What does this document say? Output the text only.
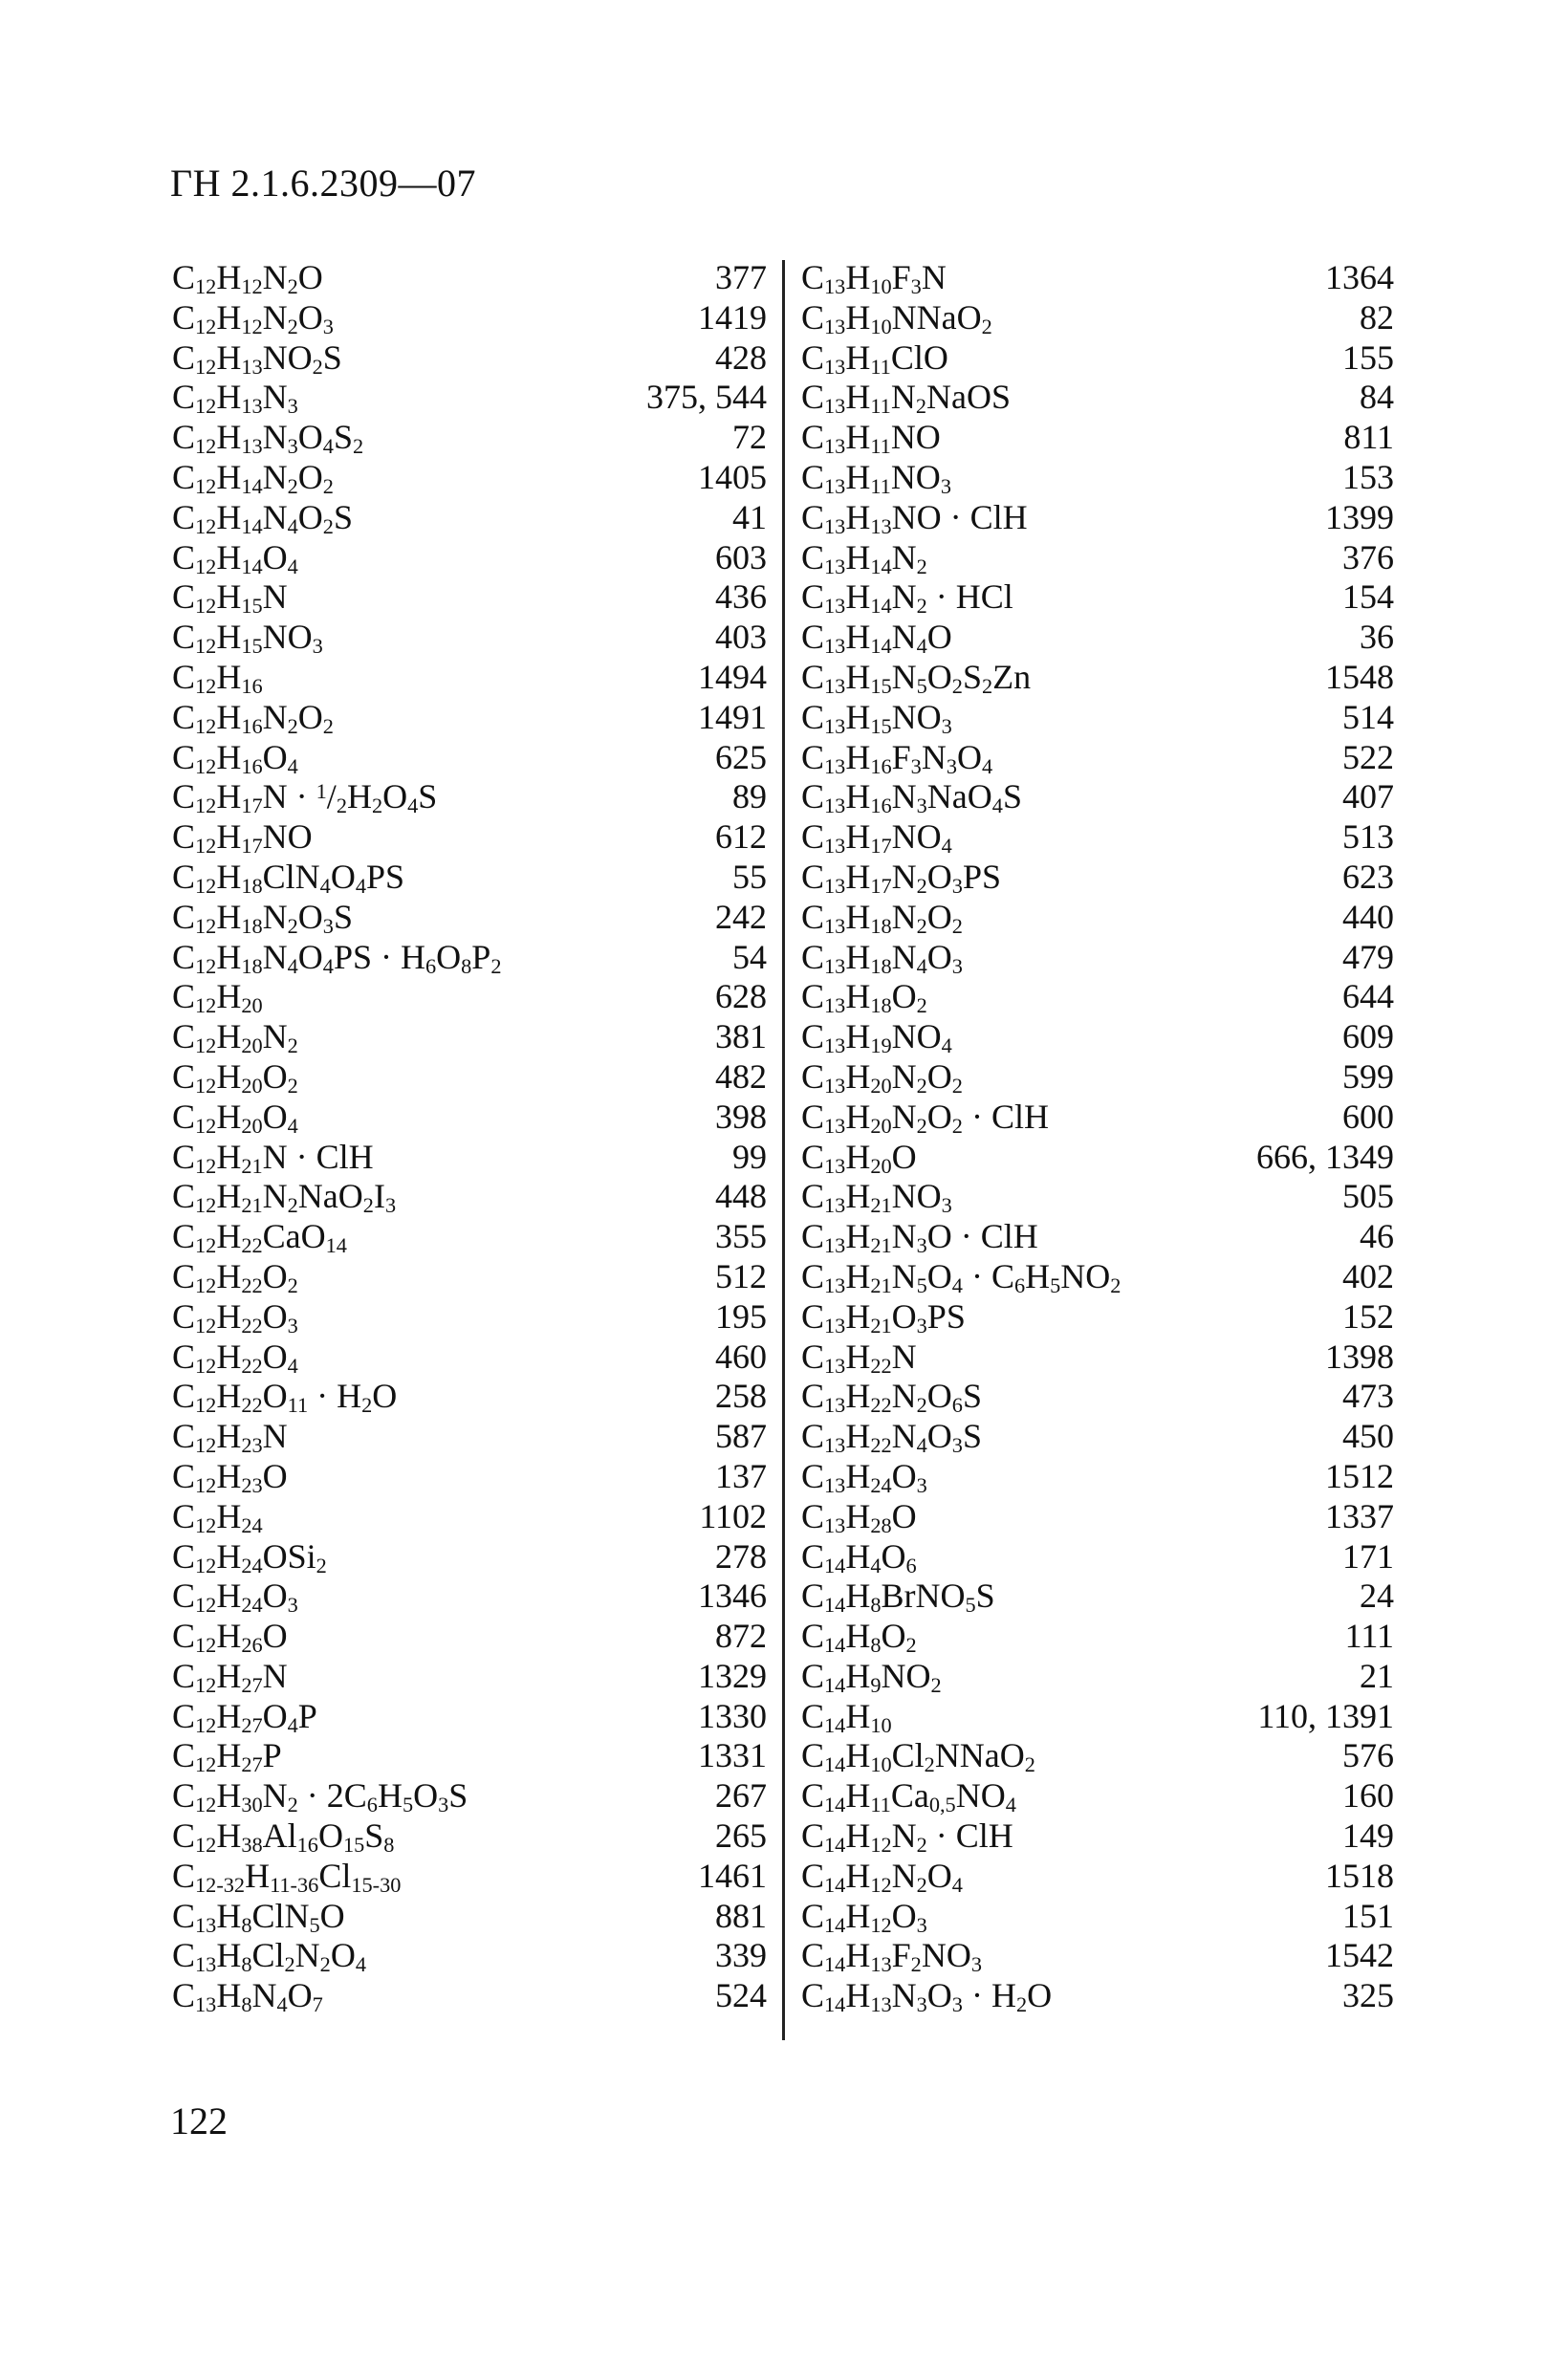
ГН 2.1.6.2309—07
$C_{12}H_{12}N_2O$	377
$C_{12}H_{12}N_2O_3$	1419
$C_{12}H_{13}NO_2S$	428
$C_{12}H_{13}N_3$	375, 544
$C_{12}H_{13}N_3O_4S_2$	72
$C_{12}H_{14}N_2O_2$	1405
$C_{12}H_{14}N_4O_2S$	41
$C_{12}H_{14}O_4$	603
$C_{12}H_{15}N$	436
$C_{12}H_{15}NO_3$	403
$C_{12}H_{16}$	1494
$C_{12}H_{16}N_2O_2$	1491
$C_{12}H_{16}O_4$	625
$C_{12}H_{17}N \cdot ^1/_2H_2O_4S$	89
$C_{12}H_{17}NO$	612
$C_{12}H_{18}ClN_4O_4PS$	55
$C_{12}H_{18}N_2O_3S$	242
$C_{12}H_{18}N_4O_4PS \cdot H_6O_8P_2$	54
$C_{12}H_{20}$	628
$C_{12}H_{20}N_2$	381
$C_{12}H_{20}O_2$	482
$C_{12}H_{20}O_4$	398
$C_{12}H_{21}N$ · ClH	99
$C_{12}H_{21}N_2NaO_2I_3$	448
$C_{12}H_{22}CaO_{14}$	355
$C_{12}H_{22}O_2$	512
$C_{12}H_{22}O_3$	195
$C_{12}H_{22}O_4$	460
$C_{12}H_{22}O_{11} \cdot H_2O$	258
$C_{12}H_{23}N$	587
$C_{12}H_{23}O$	137
$C_{12}H_{24}$	1102
$C_{12}H_{24}OSi_2$	278
$C_{12}H_{24}O_3$	1346
$C_{12}H_{26}O$	872
$C_{12}H_{27}N$	1329
$C_{12}H_{27}O_4P$	1330
$C_{12}H_{27}P$	1331
$C_{12}H_{30}N_2 \cdot 2C_6H_5O_3S$	267
$C_{12}H_{38}Al_{16}O_{15}S_8$	265
$C_{12-32}H_{11-36}Cl_{15-30}$	1461
$C_{13}H_8ClN_5O$	881
$C_{13}H_8Cl_2N_2O_4$	339
$C_{13}H_8N_4O_7$	524
$C_{13}H_{10}F_3N$	1364
$C_{13}H_{10}NNaO_2$	82
$C_{13}H_{11}ClO$	155
$C_{13}H_{11}N_2NaOS$	84
$C_{13}H_{11}NO$	811
$C_{13}H_{11}NO_3$	153
$C_{13}H_{13}NO$ · ClH	1399
$C_{13}H_{14}N_2$	376
$C_{13}H_{14}N_2$ · HCl	154
$C_{13}H_{14}N_4O$	36
$C_{13}H_{15}N_5O_2S_2Zn$	1548
$C_{13}H_{15}NO_3$	514
$C_{13}H_{16}F_3N_3O_4$	522
$C_{13}H_{16}N_3NaO_4S$	407
$C_{13}H_{17}NO_4$	513
$C_{13}H_{17}N_2O_3PS$	623
$C_{13}H_{18}N_2O_2$	440
$C_{13}H_{18}N_4O_3$	479
$C_{13}H_{18}O_2$	644
$C_{13}H_{19}NO_4$	609
$C_{13}H_{20}N_2O_2$	599
$C_{13}H_{20}N_2O_2$ · ClH	600
$C_{13}H_{20}O$	666, 1349
$C_{13}H_{21}NO_3$	505
$C_{13}H_{21}N_3O$ · ClH	46
$C_{13}H_{21}N_5O_4 \cdot C_6H_5NO_2$	402
$C_{13}H_{21}O_3PS$	152
$C_{13}H_{22}N$	1398
$C_{13}H_{22}N_2O_6S$	473
$C_{13}H_{22}N_4O_3S$	450
$C_{13}H_{24}O_3$	1512
$C_{13}H_{28}O$	1337
$C_{14}H_4O_6$	171
$C_{14}H_8BrNO_5S$	24
$C_{14}H_8O_2$	111
$C_{14}H_9NO_2$	21
$C_{14}H_{10}$	110, 1391
$C_{14}H_{10}Cl_2NNaO_2$	576
$C_{14}H_{11}Ca_{0,5}NO_4$	160
$C_{14}H_{12}N_2$ · ClH	149
$C_{14}H_{12}N_2O_4$	1518
$C_{14}H_{12}O_3$	151
$C_{14}H_{13}F_2NO_3$	1542
$C_{14}H_{13}N_3O_3 \cdot H_2O$	325
122
